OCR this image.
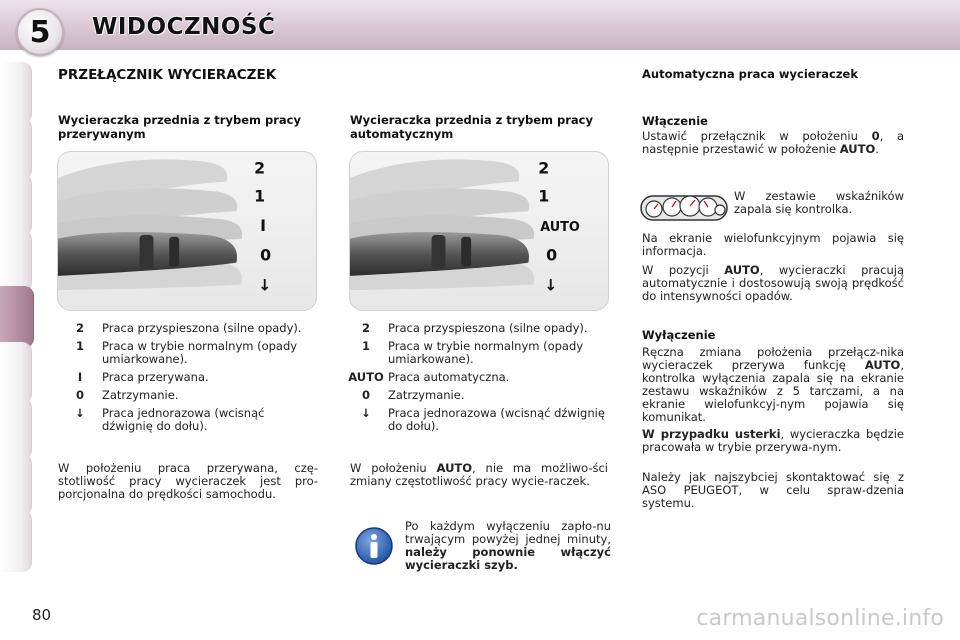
5	WIDOCZNOŚĆ
PRZEŁĄCZNIK WYCIERACZEK
Wycieraczka przednia z trybem pracy przerywanym
2
1
I
0
↓
2	Praca przyspieszona (silne opady).
1	Praca w trybie normalnym (opady umiarkowane).
I	Praca przerywana.
0	Zatrzymanie.
↓	Praca jednorazowa (wcisnąć dźwignię do dołu).
W położeniu praca przerywana, czę-stotliwość pracy wycieraczek jest pro-porcjonalna do prędkości samochodu.
Wycieraczka przednia z trybem pracy automatycznym
2
1
AUTO
0
↓
2	Praca przyspieszona (silne opady).
1	Praca w trybie normalnym (opady umiarkowane).
AUTO Praca automatyczna.
0	Zatrzymanie.
↓	Praca jednorazowa (wcisnąć dźwignię do dołu).
W położeniu AUTO, nie ma możliwo-ści zmiany częstotliwość pracy wycie-raczek.
Po każdym wyłączeniu zapło-nu trwającym powyżej jednej minuty, należy ponownie włączyć wycieraczki szyb.
Automatyczna praca wycieraczek
Włączenie
Ustawić przełącznik w położeniu 0, a następnie przestawić w położenie AUTO.
W zestawie wskaźników zapala się kontrolka.
Na ekranie wielofunkcyjnym pojawia się informacja.
W pozycji AUTO, wycieraczki pracują automatycznie i dostosowują swoją prędkość do intensywności opadów.
Wyłączenie
Ręczna zmiana położenia przełącz-nika wycieraczek przerywa funkcję AUTO, kontrolka wyłączenia zapala się na ekranie zestawu wskaźników z 5 tarczami, a na ekranie wielofunkcyj-nym pojawia się komunikat.
W przypadku usterki, wycieraczka będzie pracowała w trybie przerywa-nym.
Należy jak najszybciej skontaktować się z ASO PEUGEOT, w celu spraw-dzenia systemu.
80	carmanualsonline.info
